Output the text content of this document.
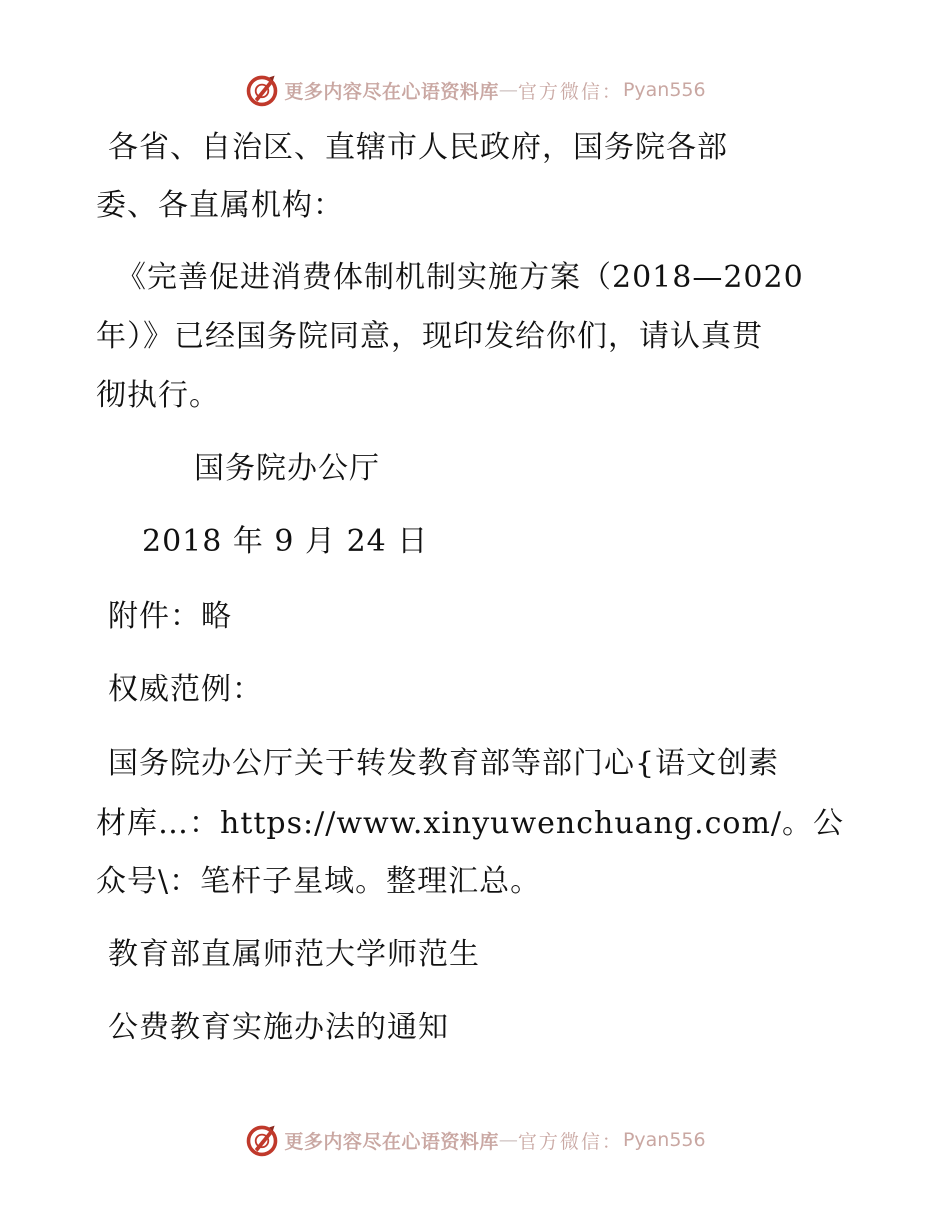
更多内容尽在心语资料库 — 官方微信： Pyan556
各省、自治区、直辖市人民政府，国务院各部
委、各直属机构：
《完善促进消费体制机制实施方案（2018—2020
年）》已经国务院同意，现印发给你们，请认真贯
彻执行。
国务院办公厅
2018 年 9 月 24 日
附件：略
权威范例：
国务院办公厅关于转发教育部等部门心{语文创素
材库…：https://www.xinyuwenchuang.com/。公
众号\：笔杆子星域。整理汇总。
教育部直属师范大学师范生
公费教育实施办法的通知
更多内容尽在心语资料库 — 官方微信： Pyan556
